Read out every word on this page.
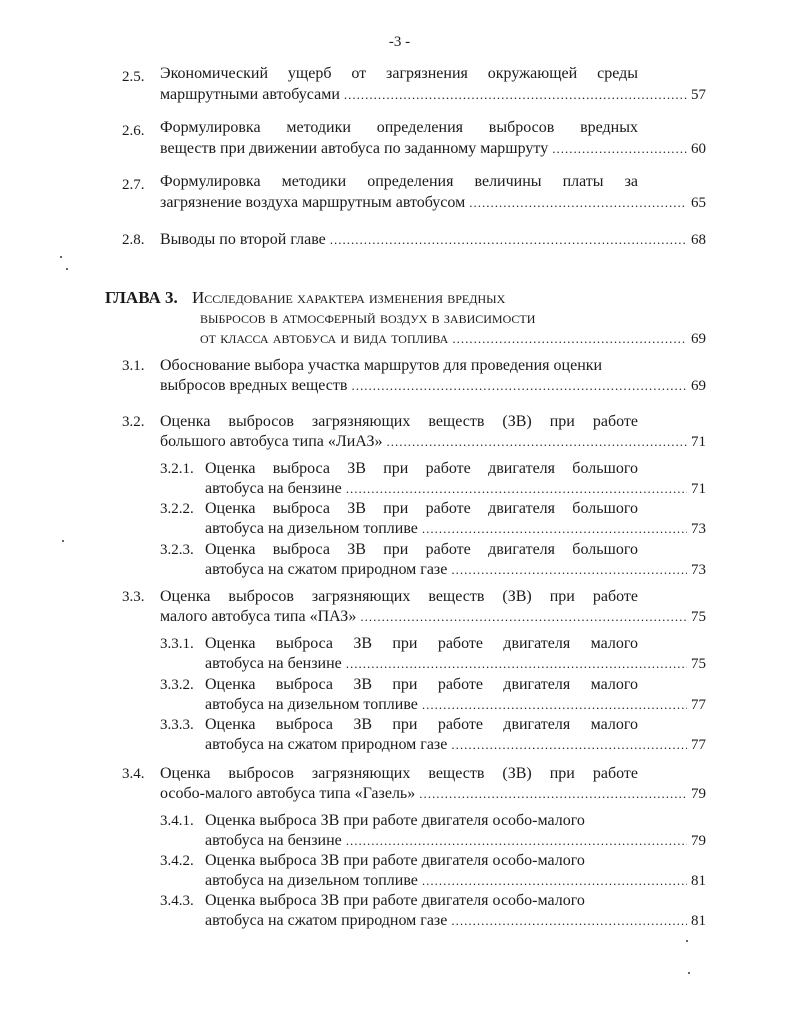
-3 -
2.5. Экономический ущерб от загрязнения окружающей среды
маршрутными автобусами .....	57
2.6. Формулировка методики определения выбросов вредных
веществ при движении автобуса по заданному маршруту .....	60
2.7. Формулировка методики определения величины платы за
загрязнение воздуха маршрутным автобусом .....	65
2.8. Выводы по второй главе .....	68
ГЛАВА 3. Исследование характера изменения вредных
выбросов в атмосферный воздух в зависимости
от класса автобуса и вида топлива .....	69
3.1. Обоснование выбора участка маршрутов для проведения оценки
выбросов вредных веществ .....	69
3.2. Оценка выбросов загрязняющих веществ (ЗВ) при работе
большого автобуса типа «ЛиАЗ» .....	71
3.2.1. Оценка выброса ЗВ при работе двигателя большого
автобуса на бензине .....	71
3.2.2. Оценка выброса ЗВ при работе двигателя большого
автобуса на дизельном топливе .....	73
3.2.3. Оценка выброса ЗВ при работе двигателя большого
автобуса на сжатом природном газе .....	73
3.3. Оценка выбросов загрязняющих веществ (ЗВ) при работе
малого автобуса типа «ПАЗ» .....	75
3.3.1. Оценка выброса ЗВ при работе двигателя малого
автобуса на бензине .....	75
3.3.2. Оценка выброса ЗВ при работе двигателя малого
автобуса на дизельном топливе .....	77
3.3.3. Оценка выброса ЗВ при работе двигателя малого
автобуса на сжатом природном газе .....	77
3.4. Оценка выбросов загрязняющих веществ (ЗВ) при работе
особо-малого автобуса типа «Газель» .....	79
3.4.1. Оценка выброса ЗВ при работе двигателя особо-малого
автобуса на бензине .....	79
3.4.2. Оценка выброса ЗВ при работе двигателя особо-малого
автобуса на дизельном топливе .....	81
3.4.3. Оценка выброса ЗВ при работе двигателя особо-малого
автобуса на сжатом природном газе .....	81
